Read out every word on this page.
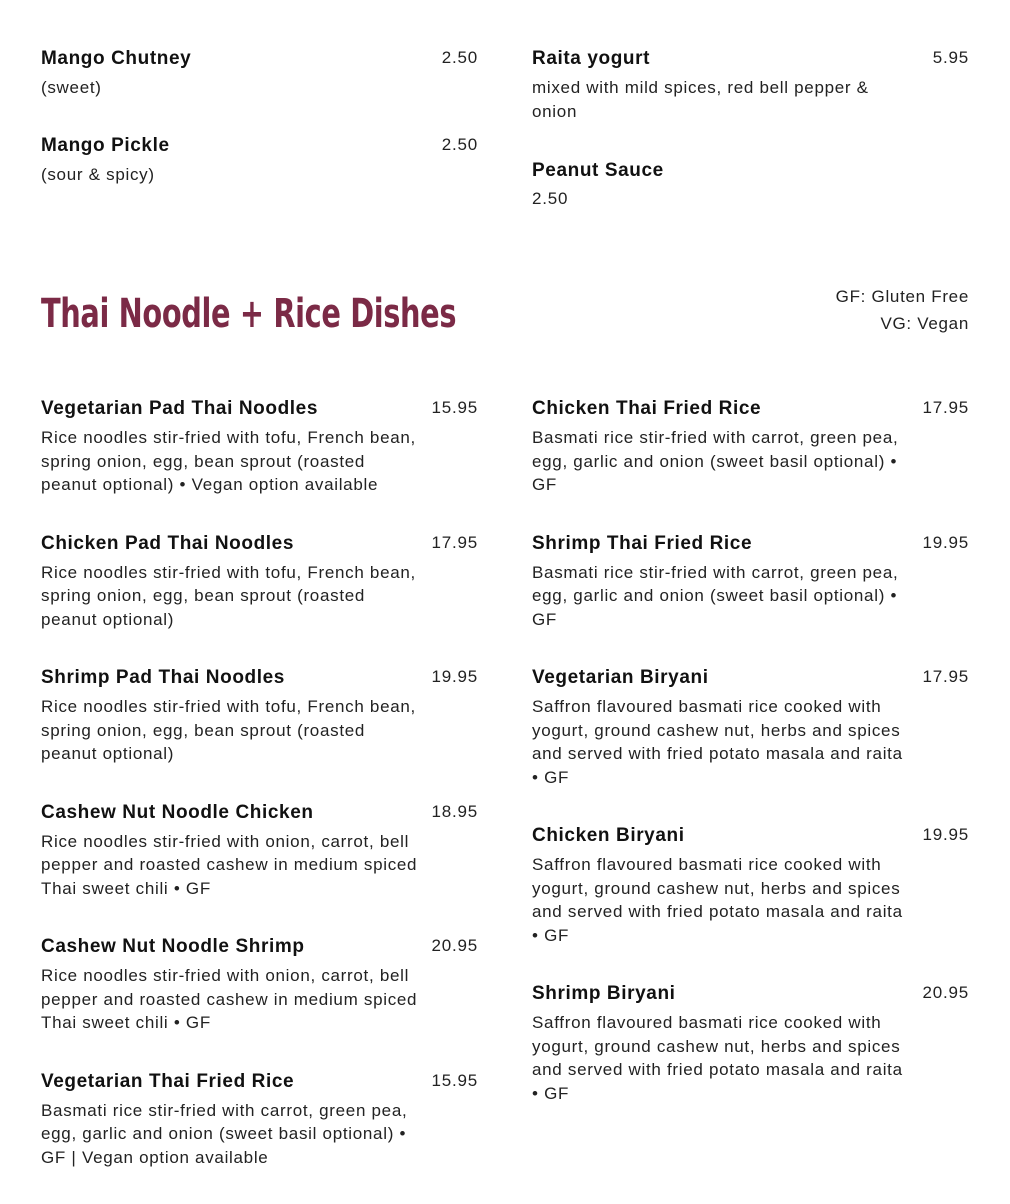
Mango Chutney	2.50
(sweet)
Mango Pickle	2.50
(sour & spicy)
Raita yogurt	5.95
mixed with mild spices, red bell pepper & onion
Peanut Sauce
2.50
Thai Noodle + Rice Dishes	GF: Gluten Free
VG: Vegan
Vegetarian Pad Thai Noodles	15.95
Rice noodles stir-fried with tofu, French bean, spring onion, egg, bean sprout (roasted peanut optional) • Vegan option available
Chicken Pad Thai Noodles	17.95
Rice noodles stir-fried with tofu, French bean, spring onion, egg, bean sprout (roasted peanut optional)
Shrimp Pad Thai Noodles	19.95
Rice noodles stir-fried with tofu, French bean, spring onion, egg, bean sprout (roasted peanut optional)
Cashew Nut Noodle Chicken	18.95
Rice noodles stir-fried with onion, carrot, bell pepper and roasted cashew in medium spiced Thai sweet chili • GF
Cashew Nut Noodle Shrimp	20.95
Rice noodles stir-fried with onion, carrot, bell pepper and roasted cashew in medium spiced Thai sweet chili • GF
Vegetarian Thai Fried Rice	15.95
Basmati rice stir-fried with carrot, green pea, egg, garlic and onion (sweet basil optional) • GF | Vegan option available
Chicken Thai Fried Rice	17.95
Basmati rice stir-fried with carrot, green pea, egg, garlic and onion (sweet basil optional) • GF
Shrimp Thai Fried Rice	19.95
Basmati rice stir-fried with carrot, green pea, egg, garlic and onion (sweet basil optional) • GF
Vegetarian Biryani	17.95
Saffron flavoured basmati rice cooked with yogurt, ground cashew nut, herbs and spices and served with fried potato masala and raita • GF
Chicken Biryani	19.95
Saffron flavoured basmati rice cooked with yogurt, ground cashew nut, herbs and spices and served with fried potato masala and raita • GF
Shrimp Biryani	20.95
Saffron flavoured basmati rice cooked with yogurt, ground cashew nut, herbs and spices and served with fried potato masala and raita • GF
